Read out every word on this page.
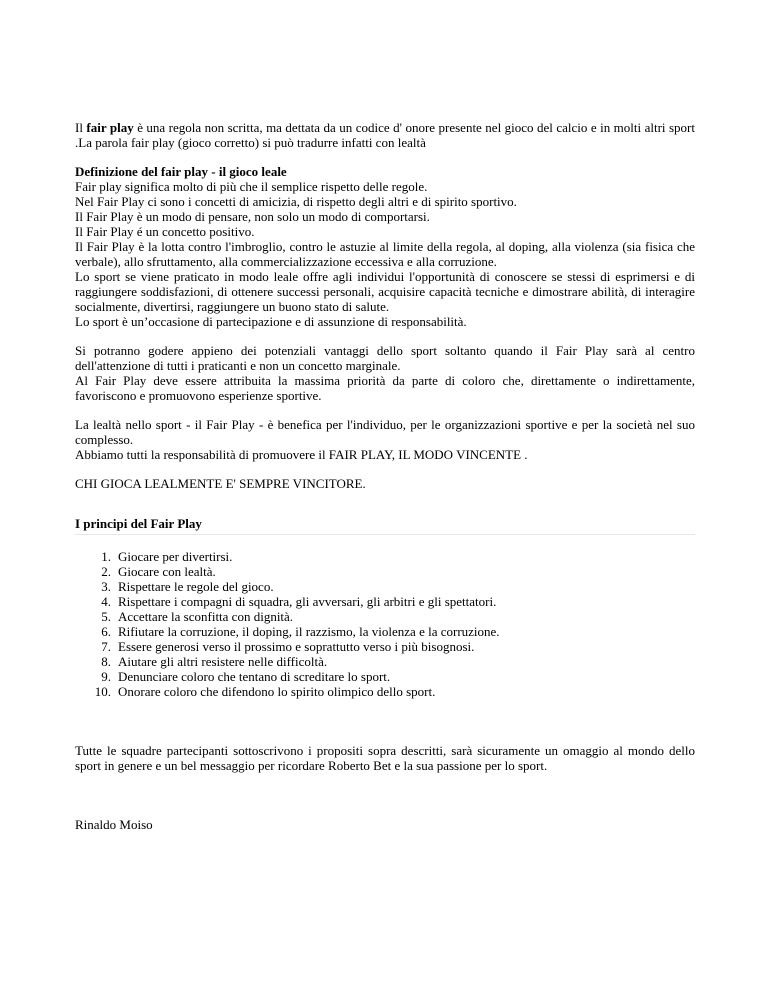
Il fair play è una regola non scritta, ma dettata da un codice d' onore presente nel gioco del calcio e in molti altri sport .La parola fair play (gioco corretto) si può tradurre infatti con lealtà

Definizione del fair play - il gioco leale

Fair play significa molto di più che il semplice rispetto delle regole.

Nel Fair Play ci sono i concetti di amicizia, di rispetto degli altri e di spirito sportivo.

Il Fair Play è un modo di pensare, non solo un modo di comportarsi.

Il Fair Play é un concetto positivo.

Il Fair Play è la lotta contro l'imbroglio, contro le astuzie al limite della regola, al doping, alla violenza (sia fisica che verbale), allo sfruttamento, alla commercializzazione eccessiva e alla corruzione.

Lo sport se viene praticato in modo leale offre agli individui l'opportunità di conoscere se stessi di esprimersi e di raggiungere soddisfazioni, di ottenere successi personali, acquisire capacità tecniche e dimostrare abilità, di interagire socialmente, divertirsi, raggiungere un buono stato di salute.

Lo sport è un’occasione di partecipazione e di assunzione di responsabilità.

Si potranno godere appieno dei potenziali vantaggi dello sport soltanto quando il Fair Play sarà al centro dell'attenzione di tutti i praticanti e non un concetto marginale.

Al Fair Play deve essere attribuita la massima priorità da parte di coloro che, direttamente o indirettamente, favoriscono e promuovono esperienze sportive.

La lealtà nello sport - il Fair Play - è benefica per l'individuo, per le organizzazioni sportive e per la società nel suo complesso.

Abbiamo tutti la responsabilità di promuovere il FAIR PLAY, IL MODO VINCENTE .

CHI GIOCA LEALMENTE E' SEMPRE VINCITORE.

I principi del Fair Play

1. Giocare per divertirsi.
2. Giocare con lealtà.
3. Rispettare le regole del gioco.
4. Rispettare i compagni di squadra, gli avversari, gli arbitri e gli spettatori.
5. Accettare la sconfitta con dignità.
6. Rifiutare la corruzione, il doping, il razzismo, la violenza e la corruzione.
7. Essere generosi verso il prossimo e soprattutto verso i più bisognosi.
8. Aiutare gli altri resistere nelle difficoltà.
9. Denunciare coloro che tentano di screditare lo sport.
10. Onorare coloro che difendono lo spirito olimpico dello sport.

Tutte le squadre partecipanti sottoscrivono i propositi sopra descritti, sarà sicuramente un omaggio al mondo dello sport in genere e un bel messaggio per ricordare Roberto Bet e la sua passione per lo sport.

Rinaldo Moiso
